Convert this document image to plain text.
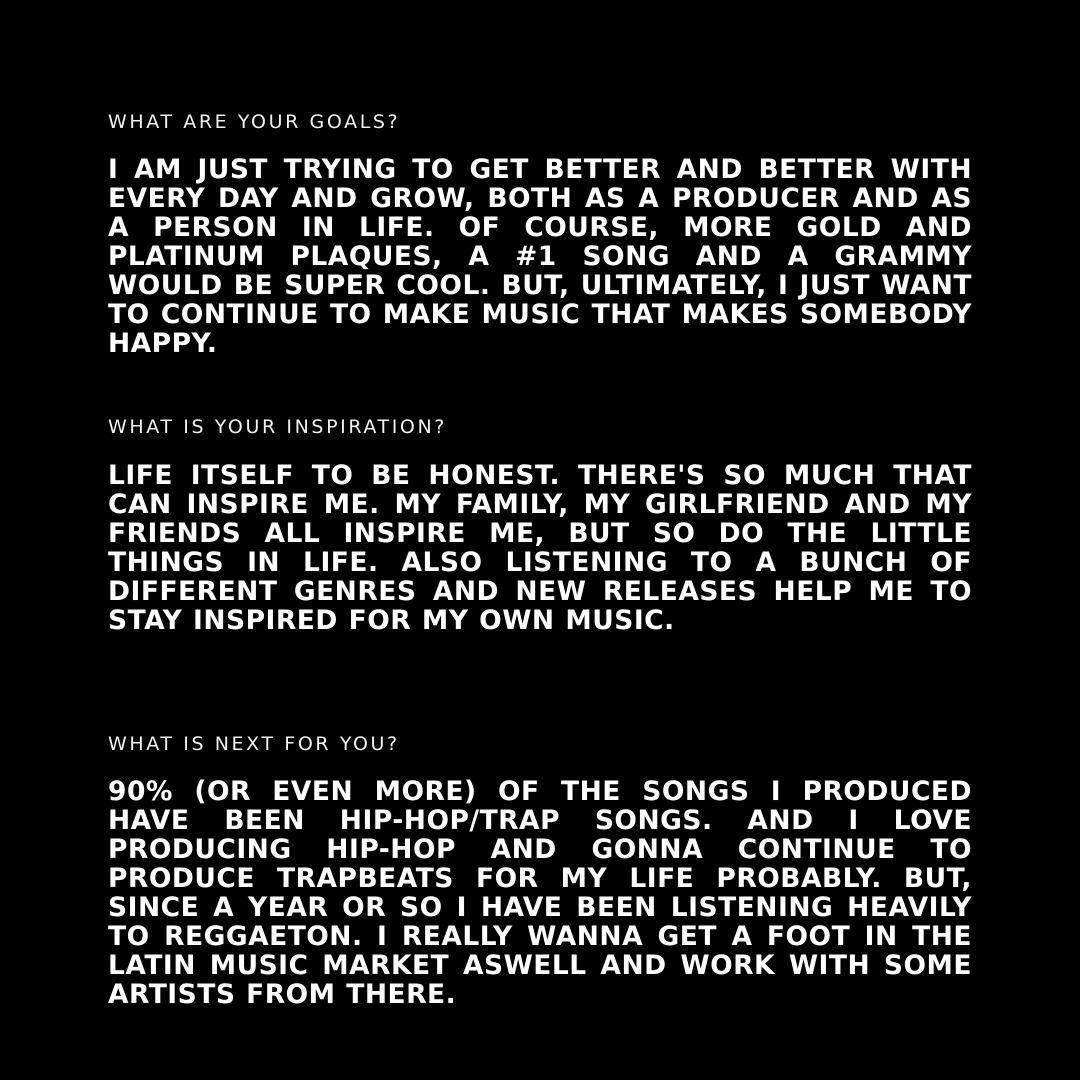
WHAT ARE YOUR GOALS?
I AM JUST TRYING TO GET BETTER AND BETTER WITH EVERY DAY AND GROW, BOTH AS A PRODUCER AND AS A PERSON IN LIFE. OF COURSE, MORE GOLD AND PLATINUM PLAQUES, A #1 SONG AND A GRAMMY WOULD BE SUPER COOL. BUT, ULTIMATELY, I JUST WANT TO CONTINUE TO MAKE MUSIC THAT MAKES SOMEBODY HAPPY.
WHAT IS YOUR INSPIRATION?
LIFE ITSELF TO BE HONEST. THERE'S SO MUCH THAT CAN INSPIRE ME. MY FAMILY, MY GIRLFRIEND AND MY FRIENDS ALL INSPIRE ME, BUT SO DO THE LITTLE THINGS IN LIFE. ALSO LISTENING TO A BUNCH OF DIFFERENT GENRES AND NEW RELEASES HELP ME TO STAY INSPIRED FOR MY OWN MUSIC.
WHAT IS NEXT FOR YOU?
90% (OR EVEN MORE) OF THE SONGS I PRODUCED HAVE BEEN HIP-HOP/TRAP SONGS. AND I LOVE PRODUCING HIP-HOP AND GONNA CONTINUE TO PRODUCE TRAPBEATS FOR MY LIFE PROBABLY. BUT, SINCE A YEAR OR SO I HAVE BEEN LISTENING HEAVILY TO REGGAETON. I REALLY WANNA GET A FOOT IN THE LATIN MUSIC MARKET ASWELL AND WORK WITH SOME ARTISTS FROM THERE.
